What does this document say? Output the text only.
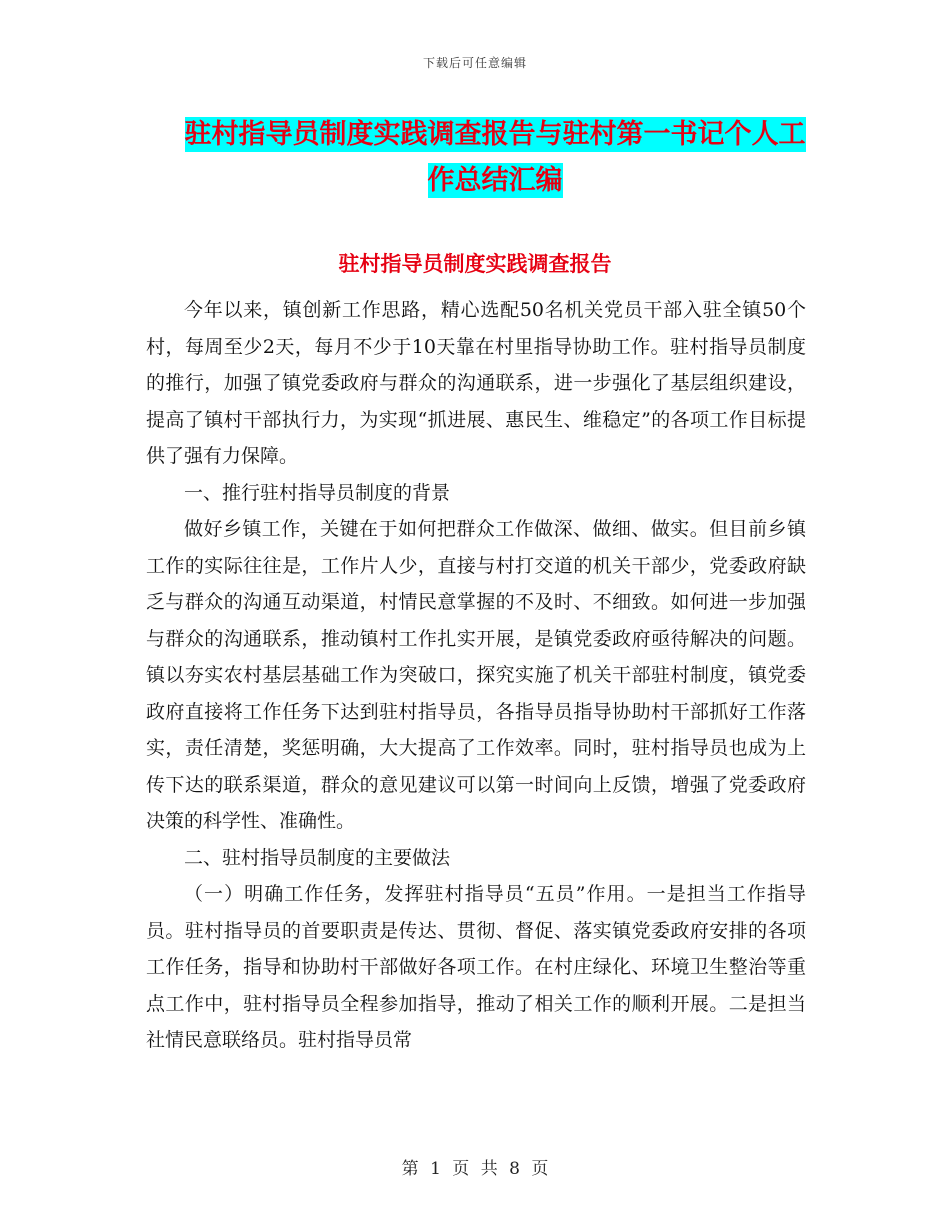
下载后可任意编辑
驻村指导员制度实践调查报告与驻村第一书记个人工
作总结汇编
驻村指导员制度实践调查报告

今年以来，镇创新工作思路，精心选配50名机关党员干部入驻全镇50个村，每周至少2天，每月不少于10天靠在村里指导协助工作。驻村指导员制度的推行，加强了镇党委政府与群众的沟通联系，进一步强化了基层组织建设，提高了镇村干部执行力，为实现“抓进展、惠民生、维稳定”的各项工作目标提供了强有力保障。

一、推行驻村指导员制度的背景

做好乡镇工作，关键在于如何把群众工作做深、做细、做实。但目前乡镇工作的实际往往是，工作片人少，直接与村打交道的机关干部少，党委政府缺乏与群众的沟通互动渠道，村情民意掌握的不及时、不细致。如何进一步加强与群众的沟通联系，推动镇村工作扎实开展，是镇党委政府亟待解决的问题。镇以夯实农村基层基础工作为突破口，探究实施了机关干部驻村制度，镇党委政府直接将工作任务下达到驻村指导员，各指导员指导协助村干部抓好工作落实，责任清楚，奖惩明确，大大提高了工作效率。同时，驻村指导员也成为上传下达的联系渠道，群众的意见建议可以第一时间向上反馈，增强了党委政府决策的科学性、准确性。

二、驻村指导员制度的主要做法

（一）明确工作任务，发挥驻村指导员“五员”作用。一是担当工作指导员。驻村指导员的首要职责是传达、贯彻、督促、落实镇党委政府安排的各项工作任务，指导和协助村干部做好各项工作。在村庄绿化、环境卫生整治等重点工作中，驻村指导员全程参加指导，推动了相关工作的顺利开展。二是担当社情民意联络员。驻村指导员常

第 1 页 共 8 页
